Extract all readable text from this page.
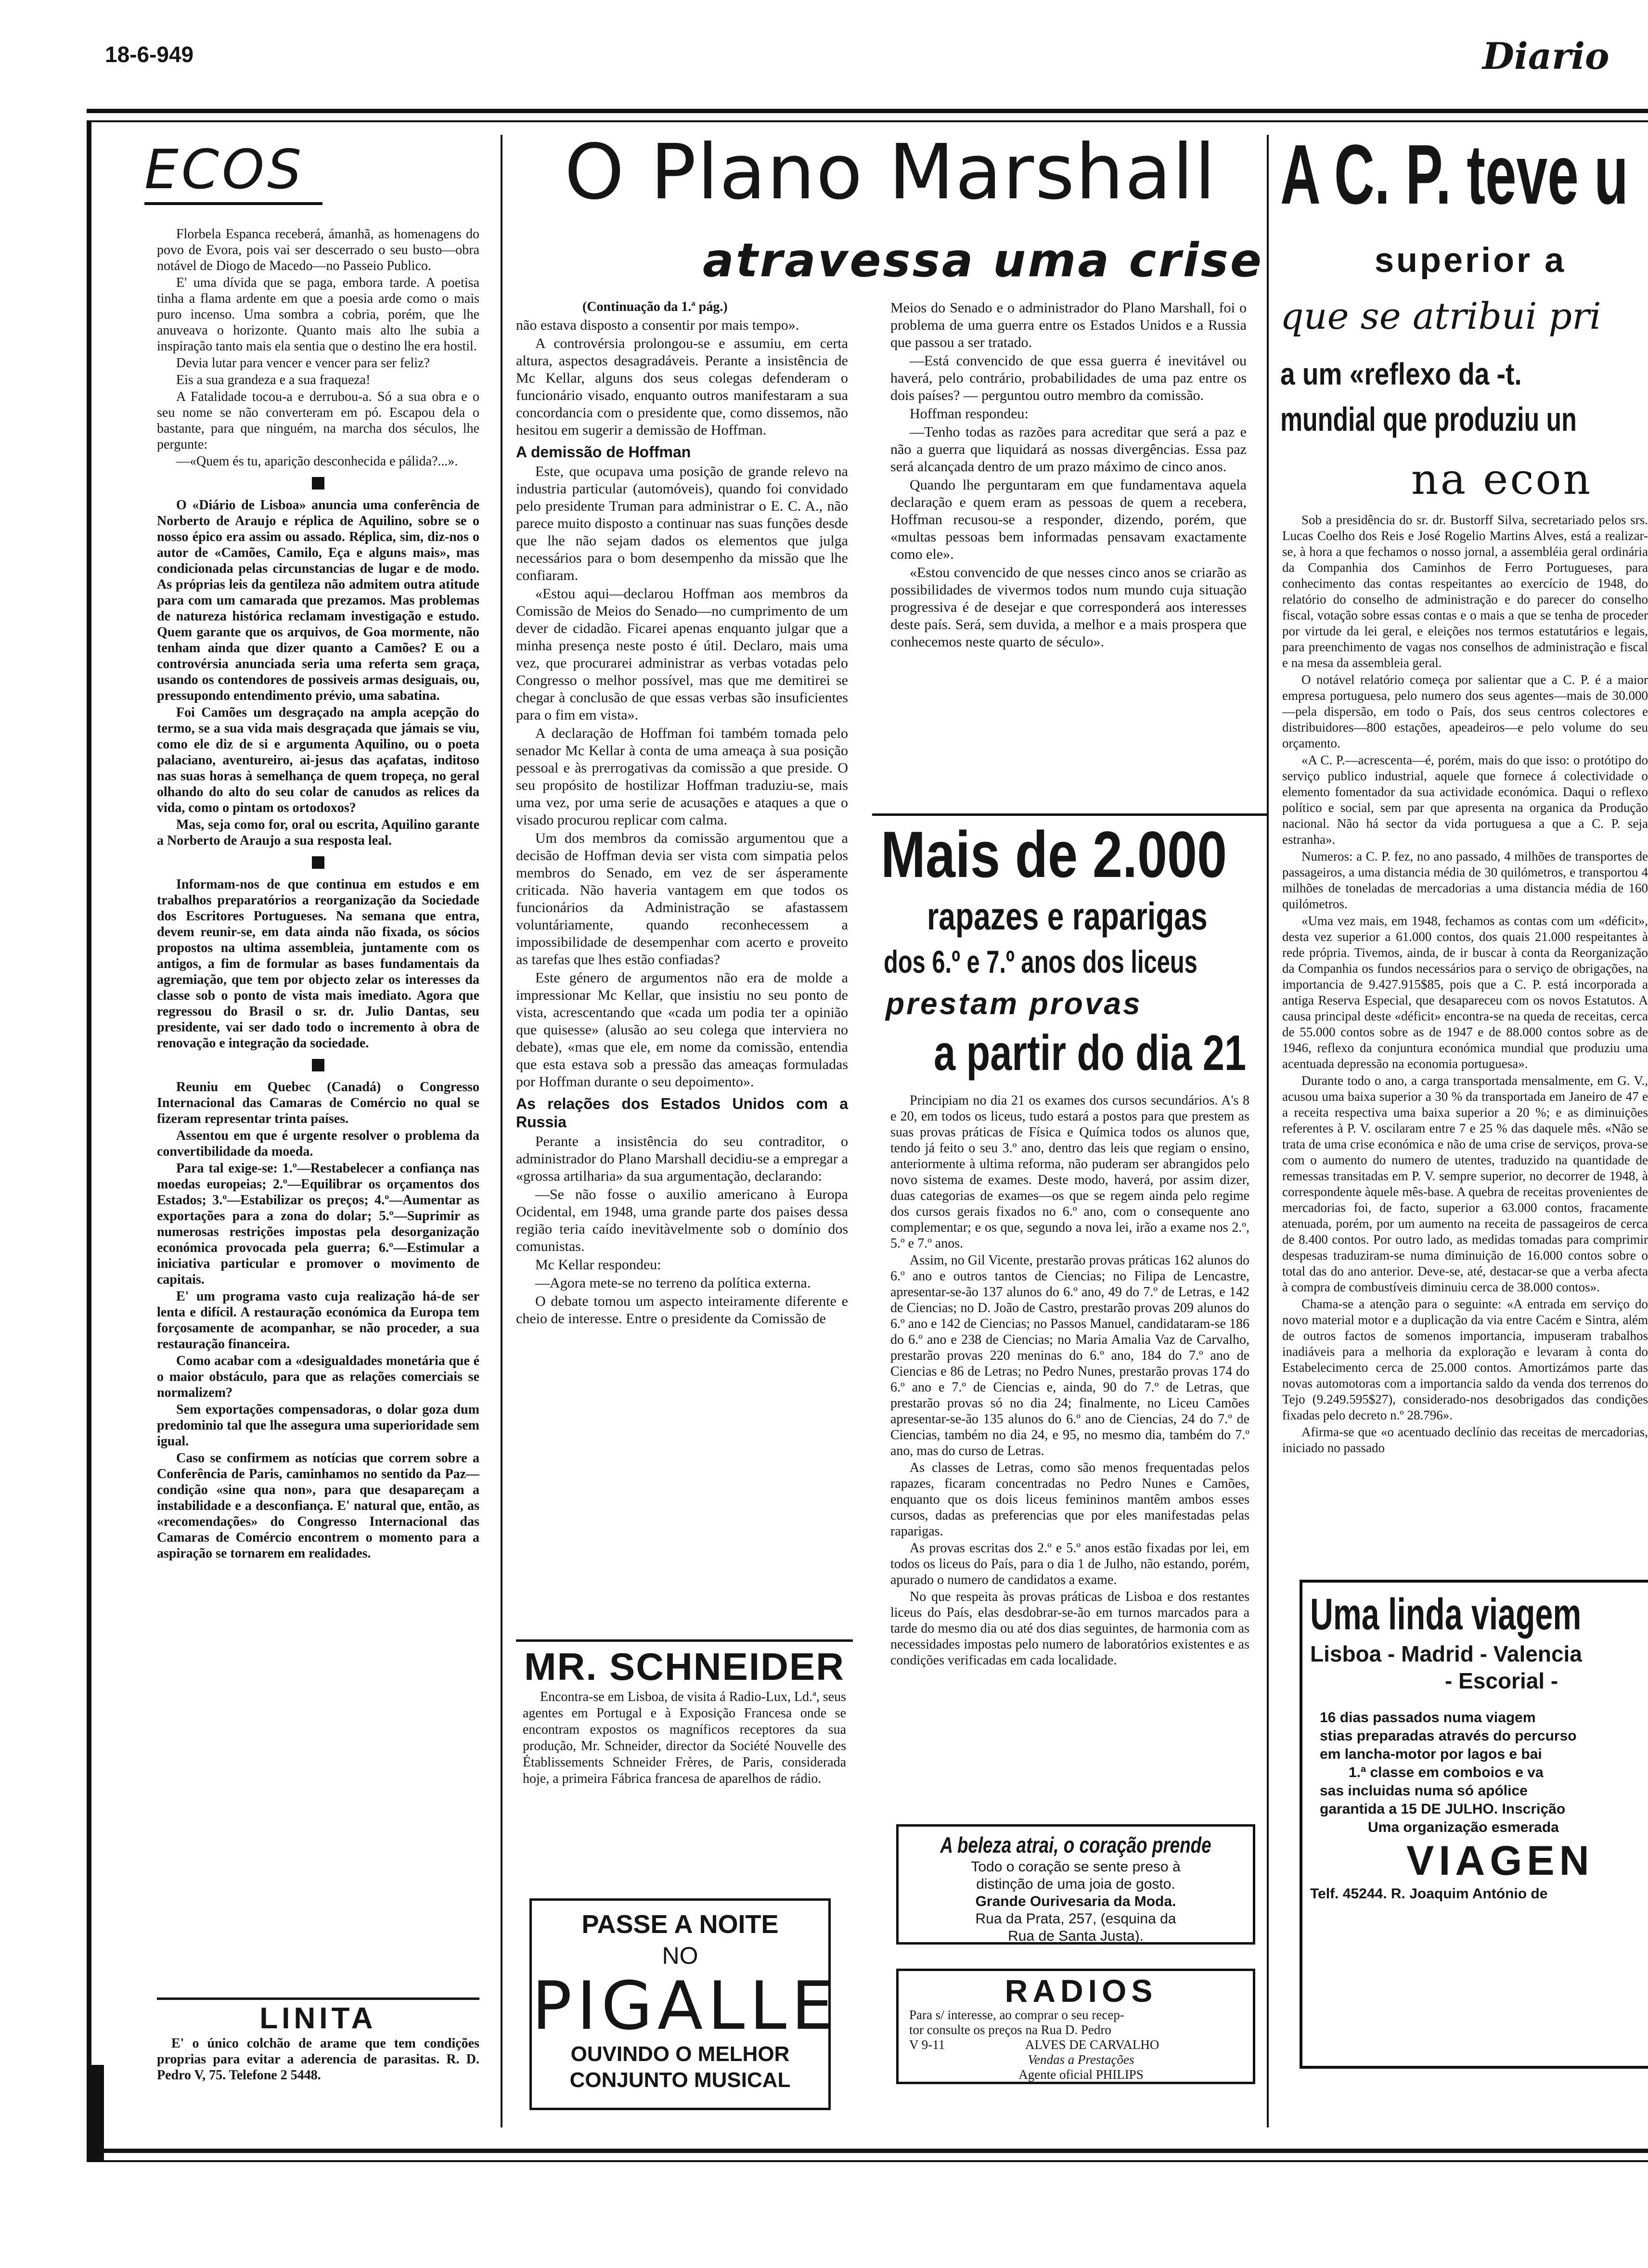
18-6-949	Diario
ECOS

Florbela Espanca receberá, ámanhã, as homenagens do povo de Evora, pois vai ser descerrado o seu busto—obra notável de Diogo de Macedo—no Passeio Publico.

E' uma dívida que se paga, embora tarde. A poetisa tinha a flama ardente em que a poesia arde como o mais puro incenso. Uma sombra a cobria, porém, que lhe anuveava o horizonte. Quanto mais alto lhe subia a inspiração tanto mais ela sentia que o destino lhe era hostil.

Devia lutar para vencer e vencer para ser feliz?

Eis a sua grandeza e a sua fraqueza!

A Fatalidade tocou-a e derrubou-a. Só a sua obra e o seu nome se não converteram em pó. Escapou dela o bastante, para que ninguém, na marcha dos séculos, lhe pergunte:

—«Quem és tu, aparição desconhecida e pálida?...».

O «Diário de Lisboa» anuncia uma conferência de Norberto de Araujo e réplica de Aquilino, sobre se o nosso épico era assim ou assado. Réplica, sim, diz-nos o autor de «Camões, Camilo, Eça e alguns mais», mas condicionada pelas circunstancias de lugar e de modo. As próprias leis da gentileza não admitem outra atitude para com um camarada que prezamos. Mas problemas de natureza histórica reclamam investigação e estudo. Quem garante que os arquivos, de Goa mormente, não tenham ainda que dizer quanto a Camões? E ou a controvérsia anunciada seria uma referta sem graça, usando os contendores de possiveis armas desiguais, ou, pressupondo entendimento prévio, uma sabatina.

Foi Camões um desgraçado na ampla acepção do termo, se a sua vida mais desgraçada que jámais se viu, como ele diz de si e argumenta Aquilino, ou o poeta palaciano, aventureiro, ai-jesus das açafatas, inditoso nas suas horas à semelhança de quem tropeça, no geral olhando do alto do seu colar de canudos as relices da vida, como o pintam os ortodoxos?

Mas, seja como for, oral ou escrita, Aquilino garante a Norberto de Araujo a sua resposta leal.

Informam-nos de que continua em estudos e em trabalhos preparatórios a reorganização da Sociedade dos Escritores Portugueses. Na semana que entra, devem reunir-se, em data ainda não fixada, os sócios propostos na ultima assembleia, juntamente com os antigos, a fim de formular as bases fundamentais da agremiação, que tem por objecto zelar os interesses da classe sob o ponto de vista mais imediato. Agora que regressou do Brasil o sr. dr. Julio Dantas, seu presidente, vai ser dado todo o incremento à obra de renovação e integração da sociedade.

Reuniu em Quebec (Canadá) o Congresso Internacional das Camaras de Comércio no qual se fizeram representar trinta países.

Assentou em que é urgente resolver o problema da convertibilidade da moeda.

Para tal exige-se: 1.º—Restabelecer a confiança nas moedas europeias; 2.º—Equilibrar os orçamentos dos Estados; 3.º—Estabilizar os preços; 4.º—Aumentar as exportações para a zona do dolar; 5.º—Suprimir as numerosas restrições impostas pela desorganização económica provocada pela guerra; 6.º—Estimular a iniciativa particular e promover o movimento de capitais.

E' um programa vasto cuja realização há-de ser lenta e difícil. A restauração económica da Europa tem forçosamente de acompanhar, se não proceder, a sua restauração financeira.

Como acabar com a «desigualdades monetária que é o maior obstáculo, para que as relações comerciais se normalizem?

Sem exportações compensadoras, o dolar goza dum predominio tal que lhe assegura uma superioridade sem igual.

Caso se confirmem as notícias que correm sobre a Conferência de Paris, caminhamos no sentido da Paz—condição «sine qua non», para que desapareçam a instabilidade e a desconfiança. E' natural que, então, as «recomendações» do Congresso Internacional das Camaras de Comércio encontrem o momento para a aspiração se tornarem em realidades.

LINITA
E' o único colchão de arame que tem condições proprias para evitar a aderencia de parasitas. R. D. Pedro V, 75. Telefone 2 5448.
O Plano Marshall
atravessa uma crise
(Continuação da 1.ª pág.)

não estava disposto a consentir por mais tempo».

A controvérsia prolongou-se e assumiu, em certa altura, aspectos desagradáveis. Perante a insistência de Mc Kellar, alguns dos seus colegas defenderam o funcionário visado, enquanto outros manifestaram a sua concordancia com o presidente que, como dissemos, não hesitou em sugerir a demissão de Hoffman.

A demissão de Hoffman

Este, que ocupava uma posição de grande relevo na industria particular (automóveis), quando foi convidado pelo presidente Truman para administrar o E. C. A., não parece muito disposto a continuar nas suas funções desde que lhe não sejam dados os elementos que julga necessários para o bom desempenho da missão que lhe confiaram.

«Estou aqui—declarou Hoffman aos membros da Comissão de Meios do Senado—no cumprimento de um dever de cidadão. Ficarei apenas enquanto julgar que a minha presença neste posto é útil. Declaro, mais uma vez, que procurarei administrar as verbas votadas pelo Congresso o melhor possível, mas que me demitirei se chegar à conclusão de que essas verbas são insuficientes para o fim em vista».

A declaração de Hoffman foi também tomada pelo senador Mc Kellar à conta de uma ameaça à sua posição pessoal e às prerrogativas da comissão a que preside. O seu propósito de hostilizar Hoffman traduziu-se, mais uma vez, por uma serie de acusações e ataques a que o visado procurou replicar com calma.

Um dos membros da comissão argumentou que a decisão de Hoffman devia ser vista com simpatia pelos membros do Senado, em vez de ser ásperamente criticada. Não haveria vantagem em que todos os funcionários da Administração se afastassem voluntáriamente, quando reconhecessem a impossibilidade de desempenhar com acerto e proveito as tarefas que lhes estão confiadas?

Este género de argumentos não era de molde a impressionar Mc Kellar, que insistiu no seu ponto de vista, acrescentando que «cada um podia ter a opinião que quisesse» (alusão ao seu colega que interviera no debate), «mas que ele, em nome da comissão, entendia que esta estava sob a pressão das ameaças formuladas por Hoffman durante o seu depoimento».

As relações dos Estados Unidos com a Russia

Perante a insistência do seu contraditor, o administrador do Plano Marshall decidiu-se a empregar a «grossa artilharia» da sua argumentação, declarando:

—Se não fosse o auxilio americano à Europa Ocidental, em 1948, uma grande parte dos paises dessa região teria caído inevitàvelmente sob o domínio dos comunistas.

Mc Kellar respondeu:

—Agora mete-se no terreno da política externa.

O debate tomou um aspecto inteiramente diferente e cheio de interesse. Entre o presidente da Comissão de

Meios do Senado e o administrador do Plano Marshall, foi o problema de uma guerra entre os Estados Unidos e a Russia que passou a ser tratado.

—Está convencido de que essa guerra é inevitável ou haverá, pelo contrário, probabilidades de uma paz entre os dois países? — perguntou outro membro da comissão.

Hoffman respondeu:

—Tenho todas as razões para acreditar que será a paz e não a guerra que liquidará as nossas divergências. Essa paz será alcançada dentro de um prazo máximo de cinco anos.

Quando lhe perguntaram em que fundamentava aquela declaração e quem eram as pessoas de quem a recebera, Hoffman recusou-se a responder, dizendo, porém, que «multas pessoas bem informadas pensavam exactamente como ele».

«Estou convencido de que nesses cinco anos se criarão as possibilidades de vivermos todos num mundo cuja situação progressiva é de desejar e que corresponderá aos interesses deste país. Será, sem duvida, a melhor e a mais prospera que conhecemos neste quarto de século».

MR. SCHNEIDER
Encontra-se em Lisboa, de visita á Radio-Lux, Ld.ª, seus agentes em Portugal e à Exposição Francesa onde se encontram expostos os magníficos receptores da sua produção, Mr. Schneider, director da Société Nouvelle des Établissements Schneider Frères, de Paris, considerada hoje, a primeira Fábrica francesa de aparelhos de rádio.
PASSE A NOITE
NO
PIGALLE
OUVINDO O MELHOR
CONJUNTO MUSICAL
Mais de 2.000
rapazes e raparigas
dos 6.º e 7.º anos dos liceus
prestam provas
a partir do dia 21

Principiam no dia 21 os exames dos cursos secundários. A's 8 e 20, em todos os liceus, tudo estará a postos para que prestem as suas provas práticas de Física e Química todos os alunos que, tendo já feito o seu 3.º ano, dentro das leis que regiam o ensino, anteriormente à ultima reforma, não puderam ser abrangidos pelo novo sistema de exames. Deste modo, haverá, por assim dizer, duas categorias de exames—os que se regem ainda pelo regime dos cursos gerais fixados no 6.º ano, com o consequente ano complementar; e os que, segundo a nova lei, irão a exame nos 2.º, 5.º e 7.º anos.

Assim, no Gil Vicente, prestarão provas práticas 162 alunos do 6.º ano e outros tantos de Ciencias; no Filipa de Lencastre, apresentar-se-ão 137 alunos do 6.º ano, 49 do 7.º de Letras, e 142 de Ciencias; no D. João de Castro, prestarão provas 209 alunos do 6.º ano e 142 de Ciencias; no Passos Manuel, candidataram-se 186 do 6.º ano e 238 de Ciencias; no Maria Amalia Vaz de Carvalho, prestarão provas 220 meninas do 6.º ano, 184 do 7.º ano de Ciencias e 86 de Letras; no Pedro Nunes, prestarão provas 174 do 6.º ano e 7.º de Ciencias e, ainda, 90 do 7.º de Letras, que prestarão provas só no dia 24; finalmente, no Liceu Camões apresentar-se-ão 135 alunos do 6.º ano de Ciencias, 24 do 7.º de Ciencias, também no dia 24, e 95, no mesmo dia, também do 7.º ano, mas do curso de Letras.

As classes de Letras, como são menos frequentadas pelos rapazes, ficaram concentradas no Pedro Nunes e Camões, enquanto que os dois liceus femininos mantêm ambos esses cursos, dadas as preferencias que por eles manifestadas pelas raparigas.

As provas escritas dos 2.º e 5.º anos estão fixadas por lei, em todos os liceus do País, para o dia 1 de Julho, não estando, porém, apurado o numero de candidatos a exame.

No que respeita às provas práticas de Lisboa e dos restantes liceus do País, elas desdobrar-se-ão em turnos marcados para a tarde do mesmo dia ou até dos dias seguintes, de harmonia com as necessidades impostas pelo numero de laboratórios existentes e as condições verificadas em cada localidade.

A beleza atrai, o coração prende
Todo o coração se sente preso à
distinção de uma joia de gosto.
Grande Ourivesaria da Moda.
Rua da Prata, 257, (esquina da
Rua de Santa Justa).
RADIOS
Para s/ interesse, ao comprar o seu recep-
tor consulte os preços na Rua D. Pedro
V 9-11	ALVES DE CARVALHO
Vendas a Prestações
Agente oficial PHILIPS
A C. P. teve u
superior a
que se atribui pri
a um «reflexo da -t.
mundial que produziu un
na econ

Sob a presidência do sr. dr. Bustorff Silva, secretariado pelos srs. Lucas Coelho dos Reis e José Rogelio Martins Alves, está a realizar-se, à hora a que fechamos o nosso jornal, a assembléia geral ordinária da Companhia dos Caminhos de Ferro Portugueses, para conhecimento das contas respeitantes ao exercício de 1948, do relatório do conselho de administração e do parecer do conselho fiscal, votação sobre essas contas e o mais a que se tenha de proceder por virtude da lei geral, e eleições nos termos estatutários e legais, para preenchimento de vagas nos conselhos de administração e fiscal e na mesa da assembleia geral.

O notável relatório começa por salientar que a C. P. é a maior empresa portuguesa, pelo numero dos seus agentes—mais de 30.000—pela dispersão, em todo o País, dos seus centros colectores e distribuidores—800 estações, apeadeiros—e pelo volume do seu orçamento.

«A C. P.—acrescenta—é, porém, mais do que isso: o protótipo do serviço publico industrial, aquele que fornece á colectividade o elemento fomentador da sua actividade económica. Daqui o reflexo político e social, sem par que apresenta na organica da Produção nacional. Não há sector da vida portuguesa a que a C. P. seja estranha».

Numeros: a C. P. fez, no ano passado, 4 milhões de transportes de passageiros, a uma distancia média de 30 quilómetros, e transportou 4 milhões de toneladas de mercadorias a uma distancia média de 160 quilómetros.

«Uma vez mais, em 1948, fechamos as contas com um «déficit», desta vez superior a 61.000 contos, dos quais 21.000 respeitantes à rede própria. Tivemos, ainda, de ir buscar à conta da Reorganização da Companhia os fundos necessários para o serviço de obrigações, na importancia de 9.427.915$85, pois que a C. P. está incorporada a antiga Reserva Especial, que desapareceu com os novos Estatutos. A causa principal deste «déficit» encontra-se na queda de receitas, cerca de 55.000 contos sobre as de 1947 e de 88.000 contos sobre as de 1946, reflexo da conjuntura económica mundial que produziu uma acentuada depressão na economia portuguesa».

Durante todo o ano, a carga transportada mensalmente, em G. V., acusou uma baixa superior a 30 % da transportada em Janeiro de 47 e a receita respectiva uma baixa superior a 20 %; e as diminuições referentes à P. V. oscilaram entre 7 e 25 % das daquele mês. «Não se trata de uma crise económica e não de uma crise de serviços, prova-se com o aumento do numero de utentes, traduzido na quantidade de remessas transitadas em P. V. sempre superior, no decorrer de 1948, à correspondente àquele mês-base. A quebra de receitas provenientes de mercadorias foi, de facto, superior a 63.000 contos, fracamente atenuada, porém, por um aumento na receita de passageiros de cerca de 8.400 contos. Por outro lado, as medidas tomadas para comprimir despesas traduziram-se numa diminuição de 16.000 contos sobre o total das do ano anterior. Deve-se, até, destacar-se que a verba afecta à compra de combustíveis diminuiu cerca de 38.000 contos».

Chama-se a atenção para o seguinte: «A entrada em serviço do novo material motor e a duplicação da via entre Cacém e Sintra, além de outros factos de somenos importancia, impuseram trabalhos inadiáveis para a melhoria da exploração e levaram à conta do Estabelecimento cerca de 25.000 contos. Amortizámos parte das novas automotoras com a importancia saldo da venda dos terrenos do Tejo (9.249.595$27), considerado-nos desobrigados das condições fixadas pelo decreto n.º 28.796».

Afirma-se que «o acentuado declínio das receitas de mercadorias, iniciado no passado

Uma linda viagem
Lisboa - Madrid - Valencia
- Escorial -
16 dias passados numa viagem
stias preparadas através do percurso
em lancha-motor por lagos e bai
1.ª classe em comboios e va
sas incluidas numa só apólice
garantida a 15 DE JULHO. Inscrição
Uma organização esmerada
VIAGEN
Telf. 45244. R. Joaquim António de
